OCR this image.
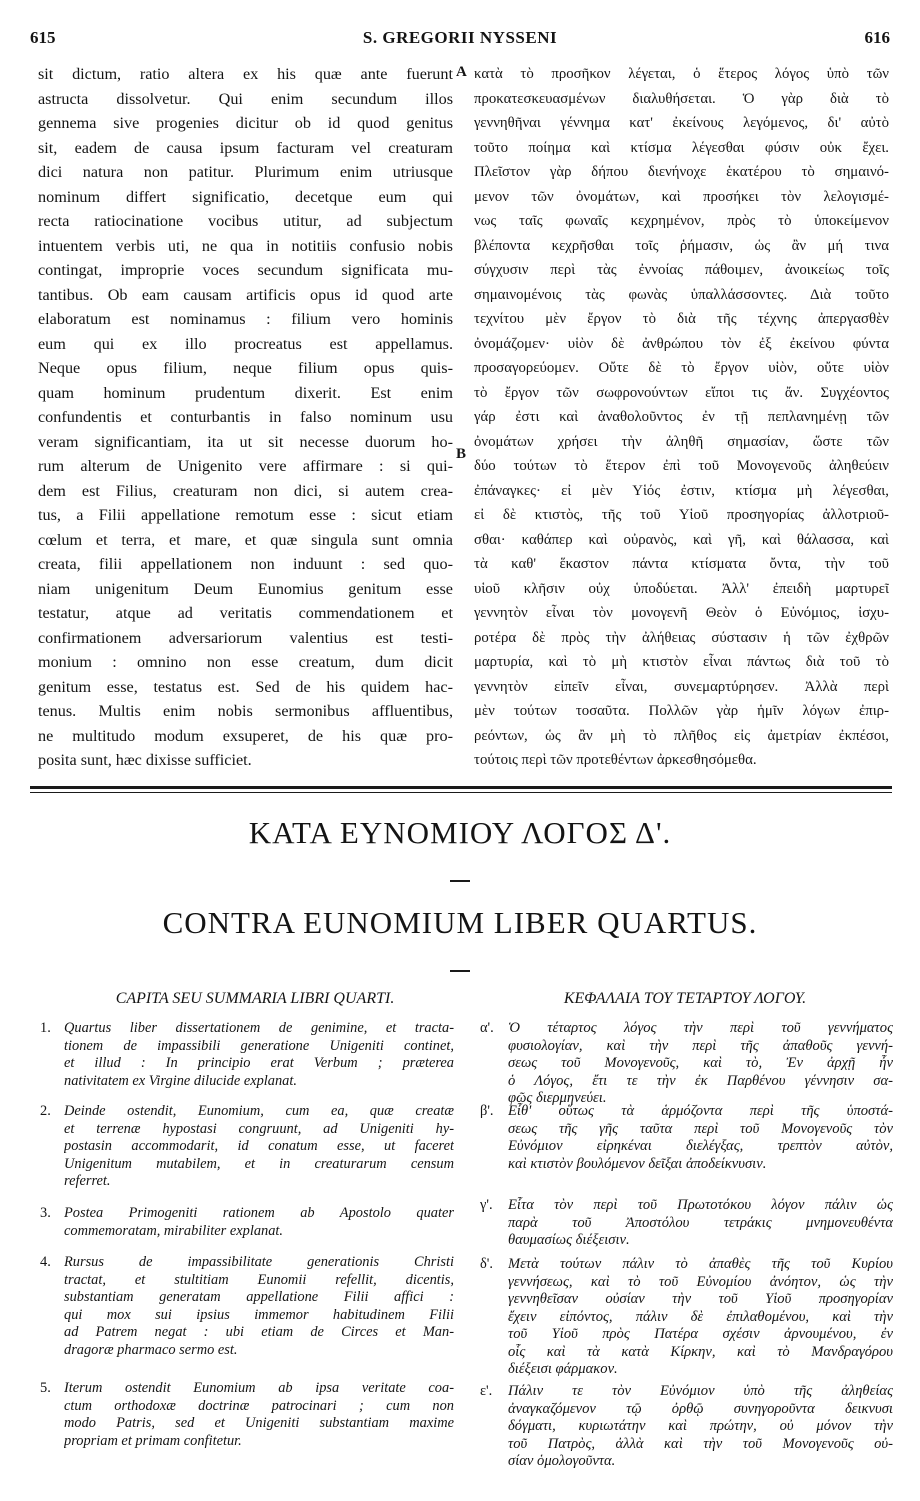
615	S. GREGORII NYSSENI	616
sit dictum, ratio altera ex his quæ ante fuerunt
astructa dissolvetur. Qui enim secundum illos
gennema sive progenies dicitur ob id quod genitus
sit, eadem de causa ipsum facturam vel creaturam
dici natura non patitur. Plurimum enim utriusque
nominum differt significatio, decetque eum qui
recta ratiocinatione vocibus utitur, ad subjectum
intuentem verbis uti, ne qua in notitiis confusio nobis
contingat, improprie voces secundum significata mu-
tantibus. Ob eam causam artificis opus id quod arte
elaboratum est nominamus : filium vero hominis
eum qui ex illo procreatus est appellamus.
Neque opus filium, neque filium opus quis-
quam hominum prudentum dixerit. Est enim
confundentis et conturbantis in falso nominum usu
veram significantiam, ita ut sit necesse duorum ho-
rum alterum de Unigenito vere affirmare : si qui-
dem est Filius, creaturam non dici, si autem crea-
tus, a Filii appellatione remotum esse : sicut etiam
cœlum et terra, et mare, et quæ singula sunt omnia
creata, filii appellationem non induunt : sed quo-
niam unigenitum Deum Eunomius genitum esse
testatur, atque ad veritatis commendationem et
confirmationem adversariorum valentius est testi-
monium : omnino non esse creatum, dum dicit
genitum esse, testatus est. Sed de his quidem hac-
tenus. Multis enim nobis sermonibus affluentibus,
ne multitudo modum exsuperet, de his quæ pro-
posita sunt, hæc dixisse sufficiet.
κατὰ τὸ προσῆκον λέγεται, ὁ ἕτερος λόγος ὑπὸ τῶν
προκατεσκευασμένων διαλυθήσεται. Ὁ γὰρ διὰ τὸ
γεννηθῆναι γέννημα κατ' ἐκείνους λεγόμενος, δι' αὐτὸ
τοῦτο ποίημα καὶ κτίσμα λέγεσθαι φύσιν οὐκ ἔχει.
Πλεῖστον γὰρ δήπου διενήνοχε ἑκατέρου τὸ σημαινό-
μενον τῶν ὀνομάτων, καὶ προσήκει τὸν λελογισμέ-
νως ταῖς φωναῖς κεχρημένον, πρὸς τὸ ὑποκείμενον
βλέποντα κεχρῆσθαι τοῖς ῥήμασιν, ὡς ἂν μή τινα
σύγχυσιν περὶ τὰς ἐννοίας πάθοιμεν, ἀνοικείως τοῖς
σημαινομένοις τὰς φωνὰς ὑπαλλάσσοντες. Διὰ τοῦτο
τεχνίτου μὲν ἔργον τὸ διὰ τῆς τέχνης ἀπεργασθὲν
ὀνομάζομεν· υἱὸν δὲ ἀνθρώπου τὸν ἐξ ἐκείνου φύντα
προσαγορεύομεν. Οὔτε δὲ τὸ ἔργον υἱὸν, οὔτε υἱὸν
τὸ ἔργον τῶν σωφρονούντων εἴποι τις ἄν. Συγχέοντος
γάρ ἐστι καὶ ἀναθολοῦντος ἐν τῇ πεπλανημένῃ τῶν
ὀνομάτων χρήσει τὴν ἀληθῆ σημασίαν, ὥστε τῶν
δύο τούτων τὸ ἕτερον ἐπὶ τοῦ Μονογενοῦς ἀληθεύειν
ἐπάναγκες· εἰ μὲν Υἱός ἐστιν, κτίσμα μὴ λέγεσθαι,
εἰ δὲ κτιστὸς, τῆς τοῦ Υἱοῦ προσηγορίας ἀλλοτριοῦ-
σθαι· καθάπερ καὶ οὐρανὸς, καὶ γῆ, καὶ θάλασσα, καὶ
τὰ καθ' ἕκαστον πάντα κτίσματα ὄντα, τὴν τοῦ
υἱοῦ κλῆσιν οὐχ ὑποδύεται. Ἀλλ' ἐπειδὴ μαρτυρεῖ
γεννητὸν εἶναι τὸν μονογενῆ Θεὸν ὁ Εὐνόμιος, ἰσχυ-
ροτέρα δὲ πρὸς τὴν ἀλήθειας σύστασιν ἡ τῶν ἐχθρῶν
μαρτυρία, καὶ τὸ μὴ κτιστὸν εἶναι πάντως διὰ τοῦ τὸ
γεννητὸν εἰπεῖν εἶναι, συνεμαρτύρησεν. Ἀλλὰ περὶ
μὲν τούτων τοσαῦτα. Πολλῶν γὰρ ἡμῖν λόγων ἐπιρ-
ρεόντων, ὡς ἂν μὴ τὸ πλῆθος εἰς ἀμετρίαν ἐκπέσοι,
τούτοις περὶ τῶν προτεθέντων ἀρκεσθησόμεθα.
A
B
ΚΑΤΑ ΕΥΝΟΜΙΟΥ ΛΟΓΟΣ Δ'.
CONTRA EUNOMIUM LIBER QUARTUS.
CAPITA SEU SUMMARIA LIBRI QUARTI.	ΚΕΦΑΛΑΙΑ ΤΟΥ ΤΕΤΑΡΤΟΥ ΛΟΓΟΥ.
1. Quartus liber dissertationem de genimine, et tracta-
tionem de impassibili generatione Unigeniti continet,
et illud : In principio erat Verbum ; præterea
nativitatem ex Virgine dilucide explanat.
2. Deinde ostendit, Eunomium, cum ea, quæ creatæ
et terrenæ hypostasi congruunt, ad Unigeniti hy-
postasin accommodarit, id conatum esse, ut faceret
Unigenitum mutabilem, et in creaturarum censum
referret.
3. Postea Primogeniti rationem ab Apostolo quater
commemoratam, mirabiliter explanat.
4. Rursus de impassibilitate generationis Christi
tractat, et stultitiam Eunomii refellit, dicentis,
substantiam generatam appellatione Filii affici :
qui mox sui ipsius immemor habitudinem Filii
ad Patrem negat : ubi etiam de Circes et Man-
dragoræ pharmaco sermo est.
5. Iterum ostendit Eunomium ab ipsa veritate coa-
ctum orthodoxæ doctrinæ patrocinari ; cum non
modo Patris, sed et Unigeniti substantiam maxime
propriam et primam confitetur.
α'. Ὁ τέταρτος λόγος τὴν περὶ τοῦ γεννήματος
φυσιολογίαν, καὶ τὴν περὶ τῆς ἀπαθοῦς γεννή-
σεως τοῦ Μονογενοῦς, καὶ τὸ, Ἐν ἀρχῇ ἦν
ὁ Λόγος, ἔτι τε τὴν ἐκ Παρθένου γέννησιν σα-
φῶς διερμηνεύει.
β'. Εἶθ' οὕτως τὰ ἁρμόζοντα περὶ τῆς ὑποστά-
σεως τῆς γῆς ταῦτα περὶ τοῦ Μονογενοῦς τὸν
Εὐνόμιον εἰρηκέναι διελέγξας, τρεπτὸν αὐτὸν,
καὶ κτιστὸν βουλόμενον δεῖξαι ἀποδείκνυσιν.
γ'. Εἶτα τὸν περὶ τοῦ Πρωτοτόκου λόγον πάλιν ὡς
παρὰ τοῦ Ἀποστόλου τετράκις μνημονευθέντα
θαυμασίως διέξεισιν.
δ'. Μετὰ τούτων πάλιν τὸ ἀπαθὲς τῆς τοῦ Κυρίου
γεννήσεως, καὶ τὸ τοῦ Εὐνομίου ἀνόητον, ὡς τὴν
γεννηθεῖσαν οὐσίαν τὴν τοῦ Υἱοῦ προσηγορίαν
ἔχειν εἰπόντος, πάλιν δὲ ἐπιλαθομένου, καὶ τὴν
τοῦ Υἱοῦ πρὸς Πατέρα σχέσιν ἀρνουμένου, ἐν
οἷς καὶ τὰ κατὰ Κίρκην, καὶ τὸ Μανδραγόρου
διέξεισι φάρμακον.
ε'. Πάλιν τε τὸν Εὐνόμιον ὑπὸ τῆς ἀληθείας
ἀναγκαζόμενον τῷ ὀρθῷ συνηγοροῦντα δεικνυσι
δόγματι, κυριωτάτην καὶ πρώτην, οὐ μόνον τὴν
τοῦ Πατρὸς, ἀλλὰ καὶ τὴν τοῦ Μονογενοῦς οὐ-
σίαν ὁμολογοῦντα.
